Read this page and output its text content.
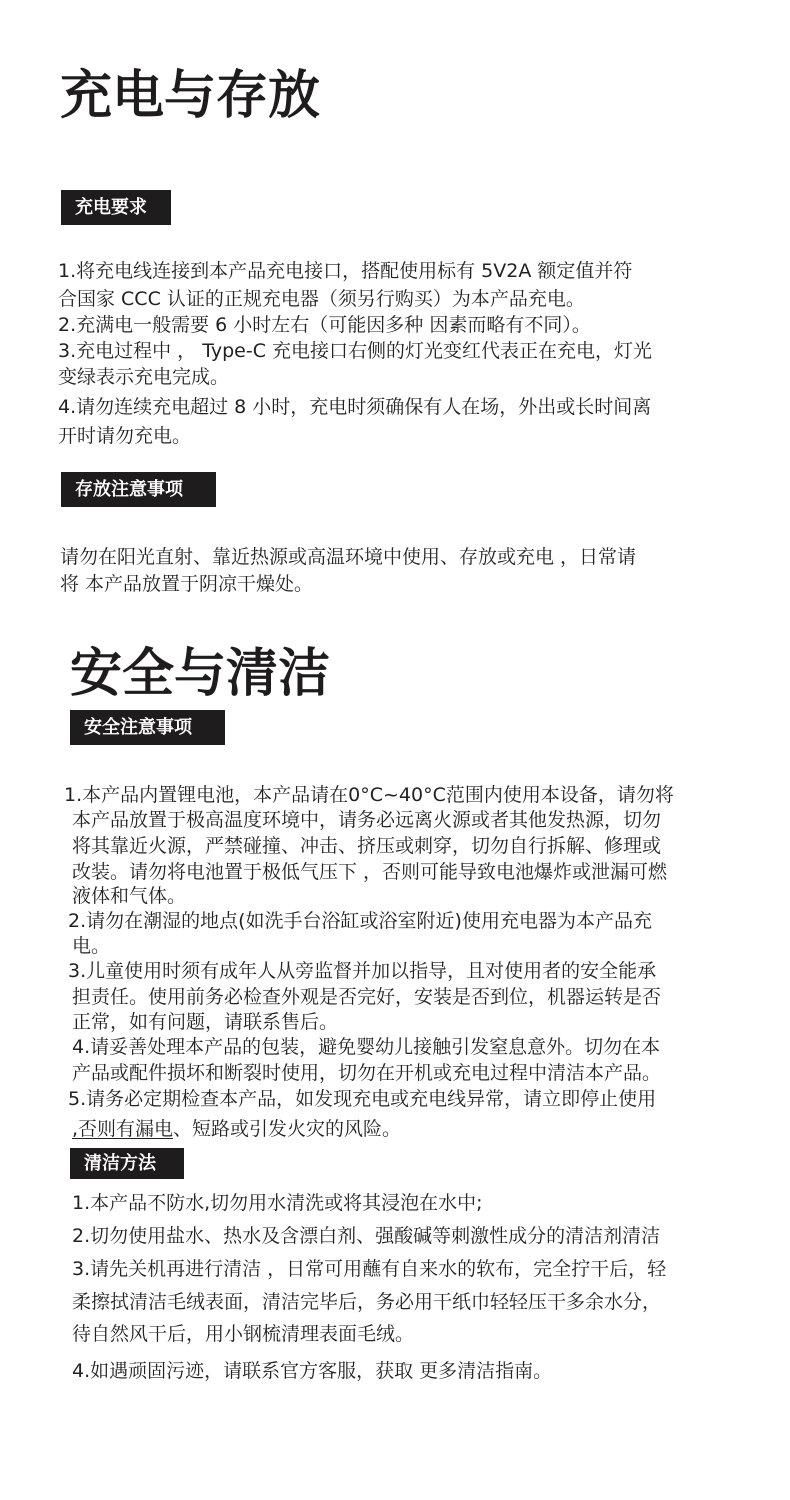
充电与存放
充电要求
1.将充电线连接到本产品充电接口，搭配使用标有 5V2A 额定值并符
合国家 CCC 认证的正规充电器（须另行购买）为本产品充电。
2.充满电一般需要 6 小时左右（可能因多种 因素而略有不同）。
3.充电过程中 ， Type-C 充电接口右侧的灯光变红代表正在充电，灯光
变绿表示充电完成。
4.请勿连续充电超过 8 小时，充电时须确保有人在场，外出或长时间离
开时请勿充电。
存放注意事项
请勿在阳光直射、靠近热源或高温环境中使用、存放或充电 ，日常请
将 本产品放置于阴凉干燥处。
安全与清洁
安全注意事项
1.本产品内置锂电池，本产品请在0°C~40°C范围内使用本设备，请勿将
本产品放置于极高温度环境中，请务必远离火源或者其他发热源，切勿
将其靠近火源，严禁碰撞、冲击、挤压或刺穿，切勿自行拆解、修理或
改装。请勿将电池置于极低气压下 ，否则可能导致电池爆炸或泄漏可燃
液体和气体。
2.请勿在潮湿的地点(如洗手台浴缸或浴室附近)使用充电器为本产品充
电。
3.儿童使用时须有成年人从旁监督并加以指导，且对使用者的安全能承
担责任。使用前务必检查外观是否完好，安装是否到位，机器运转是否
正常，如有问题，请联系售后。
4.请妥善处理本产品的包装，避免婴幼儿接触引发窒息意外。切勿在本
产品或配件损坏和断裂时使用，切勿在开机或充电过程中清洁本产品。
5.请务必定期检查本产品，如发现充电或充电线异常，请立即停止使用
,否则有漏电、短路或引发火灾的风险。
清洁方法
1.本产品不防水,切勿用水清洗或将其浸泡在水中;
2.切勿使用盐水、热水及含漂白剂、强酸碱等刺激性成分的清洁剂清洁
3.请先关机再进行清洁 ，日常可用蘸有自来水的软布，完全拧干后，轻
柔擦拭清洁毛绒表面，清洁完毕后，务必用干纸巾轻轻压干多余水分，
待自然风干后，用小钢梳清理表面毛绒。
4.如遇顽固污迹，请联系官方客服，获取 更多清洁指南。
